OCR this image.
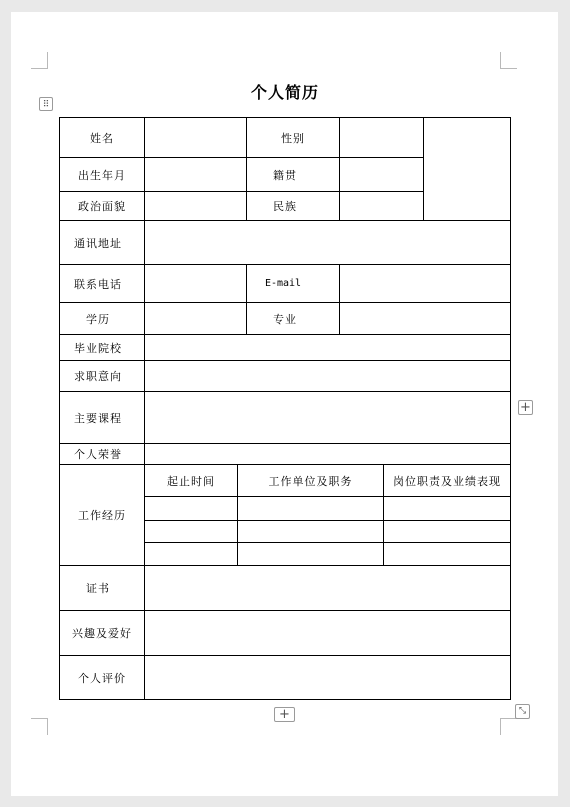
个人简历
⠿
姓名	性别
出生年月	籍贯
政治面貌	民族
通讯地址
联系电话	E-mail
学历	专业
毕业院校
求职意向
主要课程
个人荣誉
工作经历
起止时间	工作单位及职务	岗位职责及业绩表现
证书
兴趣及爱好
个人评价
+
+	⤡
